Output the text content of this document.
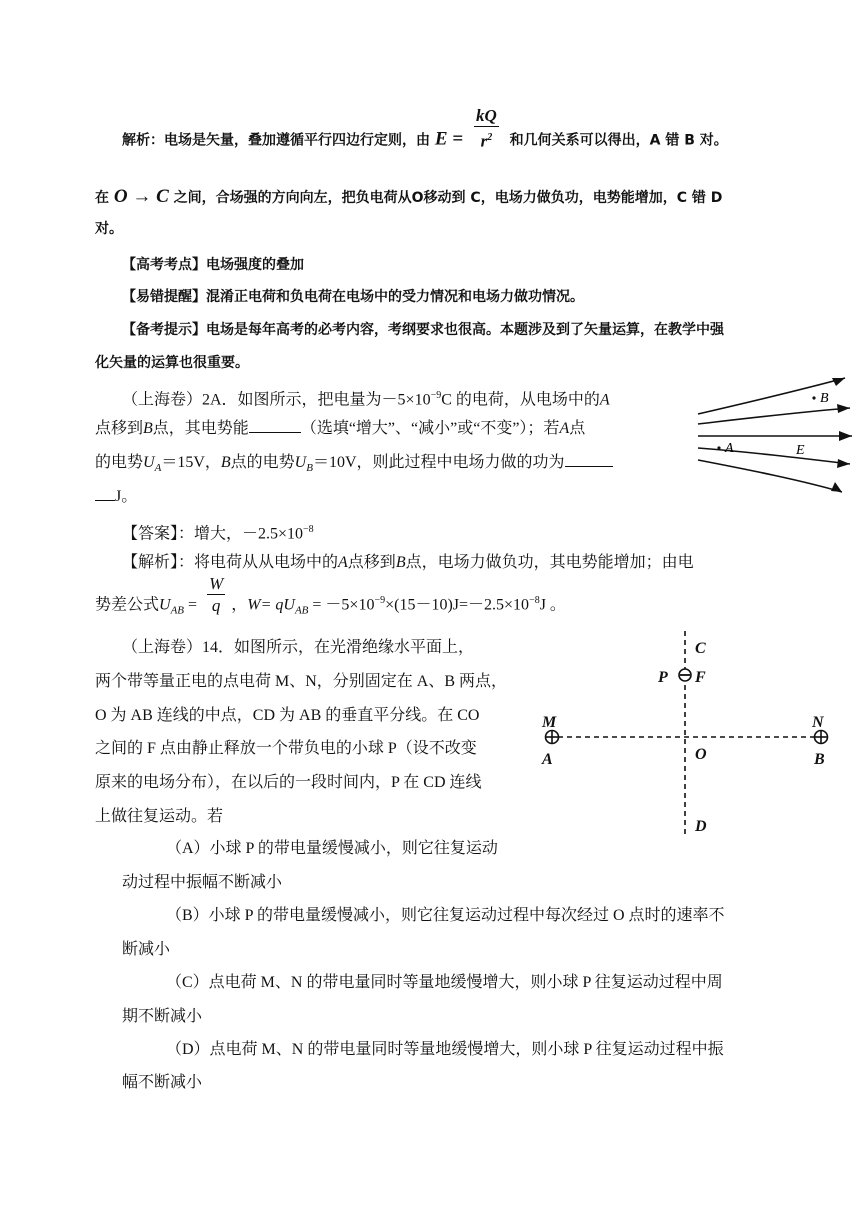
解析：电场是矢量，叠加遵循平行四边行定则，由 $E = \frac{kQ}{r^2}$ 和几何关系可以得出，A 错 B 对。
在 O → C 之间，合场强的方向向左，把负电荷从O移动到 C，电场力做负功，电势能增加，C 错 D
对。
【高考考点】电场强度的叠加
【易错提醒】混淆正电荷和负电荷在电场中的受力情况和电场力做功情况。
【备考提示】电场是每年高考的必考内容，考纲要求也很高。本题涉及到了矢量运算，在教学中强
化矢量的运算也很重要。
（上海卷）2A．如图所示，把电量为$-5\times 10^{-9}C$ 的电荷，从电场中的A
点移到B点，其电势能	（选填“增大”、“减小”或“不变”）；若A点
的电势$U_A=15V$，B点的电势$U_B=10V$，则此过程中电场力做的功为
J。
【答案】：增大，$-2.5\times 10^{-8}$
【解析】：将电荷从从电场中的A点移到B点，电场力做负功，其电势能增加；由电
势差公式$U_{AB} = \frac{W}{q}$ ，$W= qU_{AB} = -5\times 10^{-9}\times(15-10)J=-2.5\times 10^{-8}J$ 。
B
A	E
（上海卷）14．如图所示，在光滑绝缘水平面上，
两个带等量正电的点电荷 M、N，分别固定在 A、B 两点，
O 为 AB 连线的中点，CD 为 AB 的垂直平分线。在 CO
之间的 F 点由静止释放一个带负电的小球 P（设不改变
原来的电场分布），在以后的一段时间内，P 在 CD 连线
上做往复运动。若
（A）小球 P 的带电量缓慢减小，则它往复运动
动过程中振幅不断减小
（B）小球 P 的带电量缓慢减小，则它往复运动过程中每次经过 O 点时的速率不
断减小
（C）点电荷 M、N 的带电量同时等量地缓慢增大，则小球 P 往复运动过程中周
期不断减小
（D）点电荷 M、N 的带电量同时等量地缓慢增大，则小球 P 往复运动过程中振
幅不断减小
C
P F
M	N
A	B
O
D
